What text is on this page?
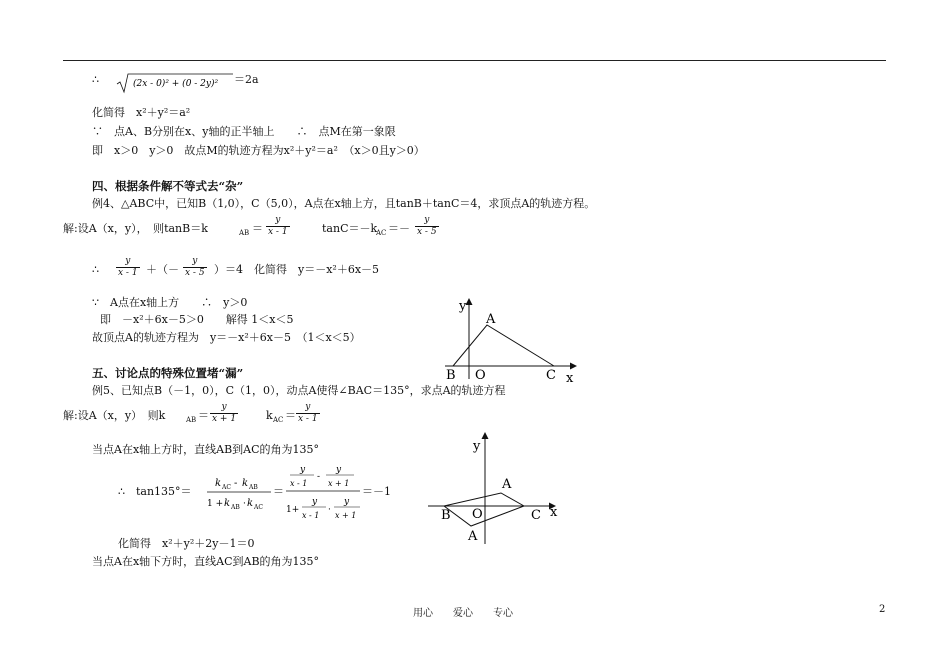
∴	(2x - 0)² + (0 - 2y)² ＝2a
化简得　x²＋y²＝a²
∵　点A、B分别在x、y轴的正半轴上　　∴　点M在第一象限
即　x＞0　y＞0　故点M的轨迹方程为x²＋y²＝a²　（x＞0且y＞0）
四、根据条件解不等式去“杂”
例4、△ABC中，已知B（1,0），C（5,0），A点在x轴上方，且tanB＋tanC＝4，求顶点A的轨迹方程。
解:设A（x，y），　则tanB＝k	AB ＝ $\frac{y}{x - 1}$	tanC＝－k
AC ＝－ $\frac{y}{x - 5}$
∴ $\frac{y}{x - 1}$ ＋（－ $\frac{y}{x - 5} )=4$　化简得　y＝－x²＋6x－5
∵　A点在x轴上方　　∴　y＞0
即　－x²＋6x－5＞0　　解得 1＜x＜5
故顶点A的轨迹方程为　y＝－x²＋6x－5　（1＜x＜5）
y
A
B O	C x
五、讨论点的特殊位置堵“漏”
例5、已知点B（－1，0），C（1，0），动点A使得∠BAC＝135°，求点A的轨迹方程
解:设A（x，y）　则k	AB ＝ $\frac{y}{x + 1}$	k AC ＝ $\frac{y}{x - 1}$
当点A在x轴上方时，直线AB到AC的角为135°
∴　tan135°＝
k AC - k AB
1 + k AB · k AC
＝
y
x - 1
-
y
x + 1
1+
y
x - 1
·
y
x + 1
＝－1
化简得　x²＋y²＋2y－1＝0
当点A在x轴下方时，直线AC到AB的角为135°
y
A
B O	C x
A
用心　　爱心　　专心	2
